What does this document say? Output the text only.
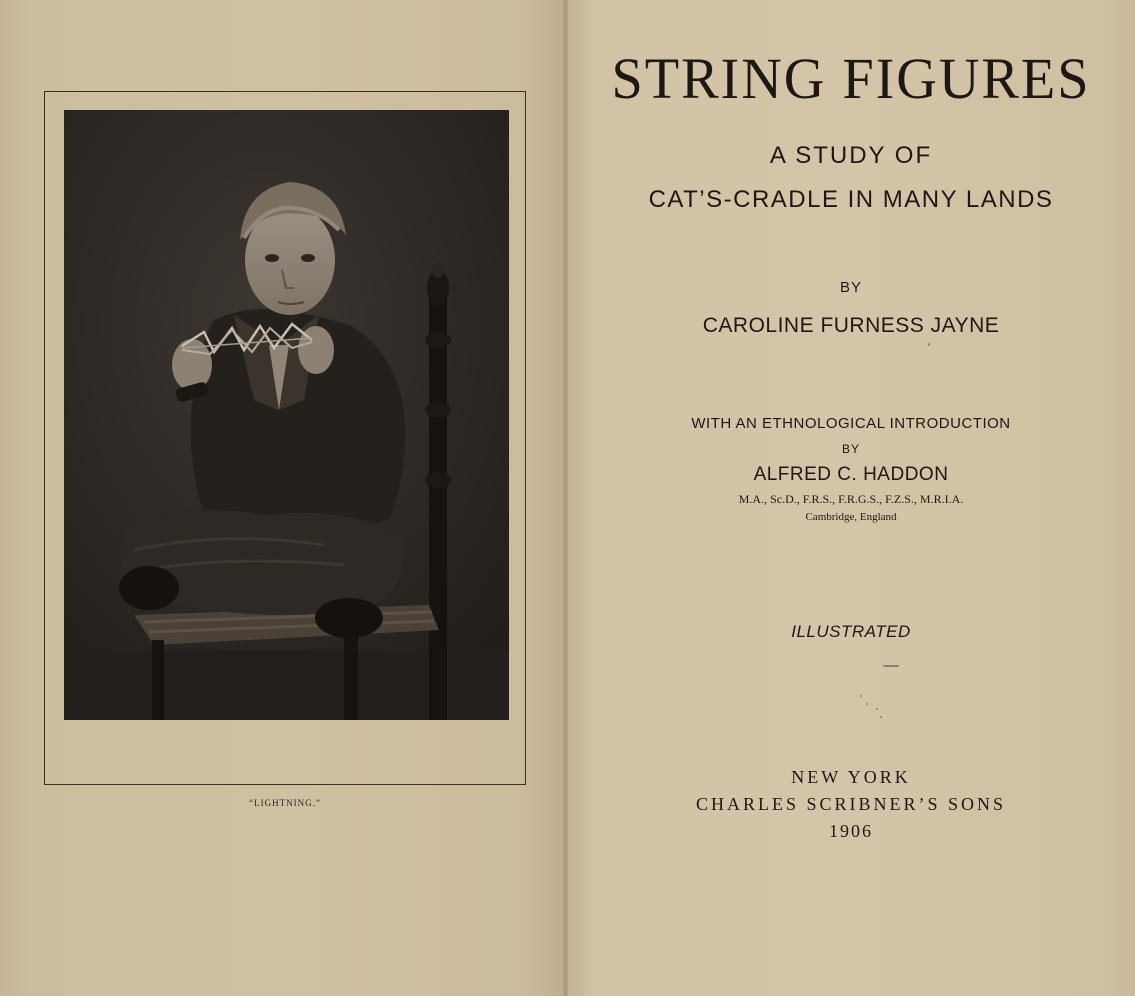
“LIGHTNING.”
STRING FIGURES
A STUDY OF
CAT’S-CRADLE IN MANY LANDS
BY
CAROLINE FURNESS JAYNE
WITH AN ETHNOLOGICAL INTRODUCTION
BY
ALFRED C. HADDON
M.A., Sc.D., F.R.S., F.R.G.S., F.Z.S., M.R.I.A.
Cambridge, England
ILLUSTRATED
NEW YORK
CHARLES SCRIBNER’S SONS
1906
